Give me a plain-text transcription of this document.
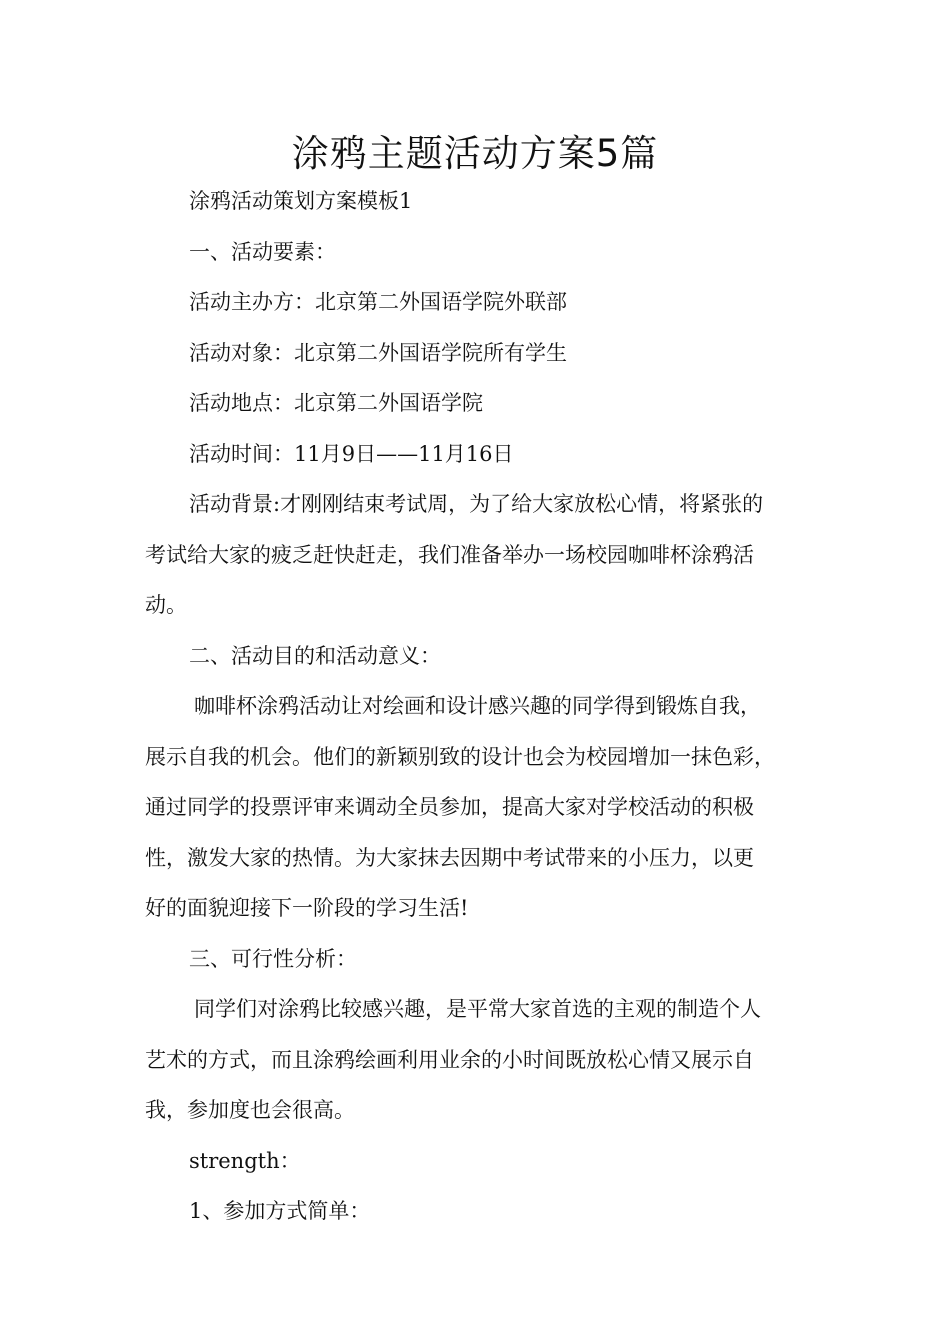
涂鸦主题活动方案5篇

涂鸦活动策划方案模板1

一、活动要素：

活动主办方：北京第二外国语学院外联部

活动对象：北京第二外国语学院所有学生

活动地点：北京第二外国语学院

活动时间：11月9日——11月16日

活动背景:才刚刚结束考试周，为了给大家放松心情，将紧张的

考试给大家的疲乏赶快赶走，我们准备举办一场校园咖啡杯涂鸦活

动。

二、活动目的和活动意义：

咖啡杯涂鸦活动让对绘画和设计感兴趣的同学得到锻炼自我，

展示自我的机会。他们的新颖别致的设计也会为校园增加一抹色彩，

通过同学的投票评审来调动全员参加，提高大家对学校活动的积极

性，激发大家的热情。为大家抹去因期中考试带来的小压力，以更

好的面貌迎接下一阶段的学习生活!

三、可行性分析：

同学们对涂鸦比较感兴趣，是平常大家首选的主观的制造个人

艺术的方式，而且涂鸦绘画利用业余的小时间既放松心情又展示自

我，参加度也会很高。

strength：

1、参加方式简单：
